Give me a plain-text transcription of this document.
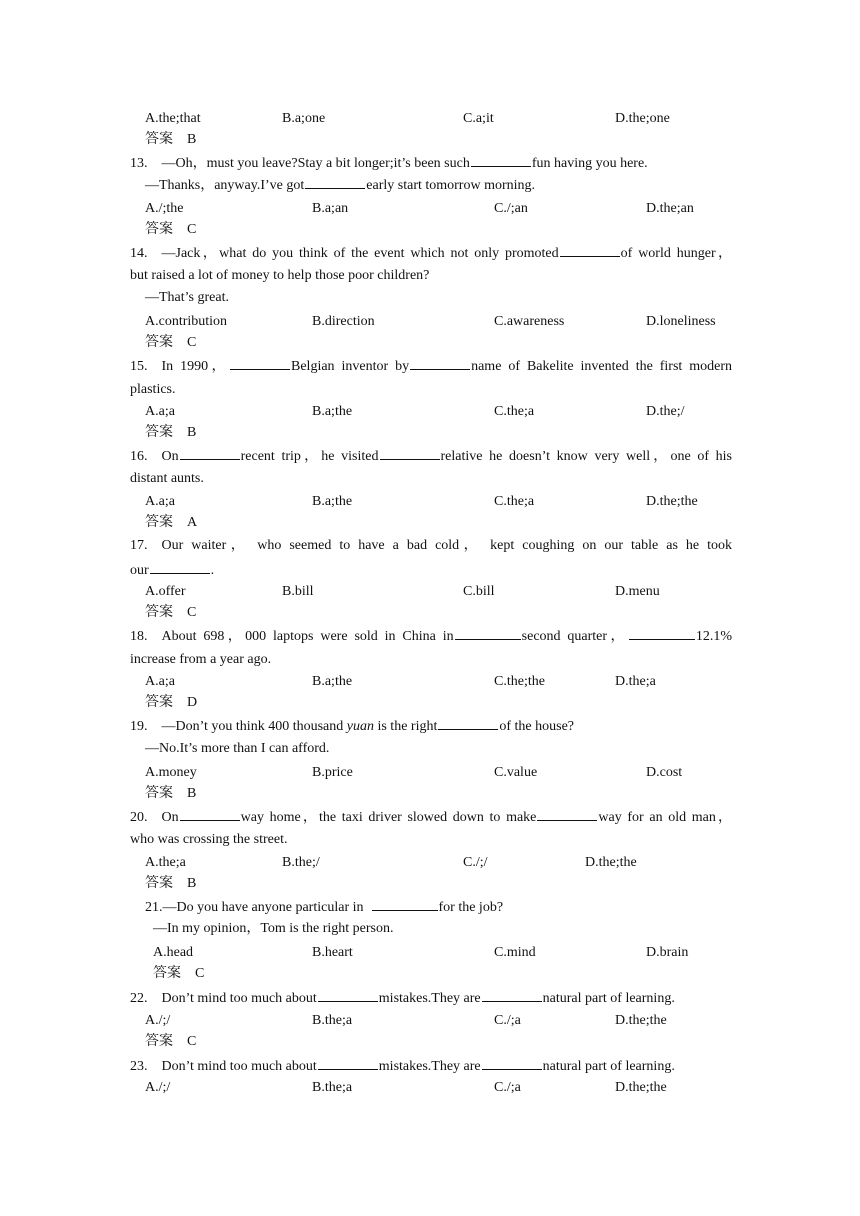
A.the;that	B.a;one	C.a;it	D.the;one
答案 B
13. —Oh，must you leave?Stay a bit longer;it’s been such	fun having you here.
—Thanks，anyway.I’ve got	early start tomorrow morning.
A./;the	B.a;an	C./;an	D.the;an
答案 C
14. —Jack，what do you think of the event which not only promoted	of world hunger，
but raised a lot of money to help those poor children?
—That’s great.
A.contribution	B.direction	C.awareness	D.loneliness
答案 C
15. In 1990，	Belgian inventor by	name of Bakelite invented the first modern
plastics.
A.a;a	B.a;the	C.the;a	D.the;/
答案 B
16. On	recent trip，he visited	relative he doesn’t know very well，one of his
distant aunts.
A.a;a	B.a;the	C.the;a	D.the;the
答案 A
17. Our waiter， who seemed to have a bad cold， kept coughing on our table as he took
our	.
A.offer	B.bill	C.bill	D.menu
答案 C
18. About 698，000 laptops were sold in China in	second quarter，	12.1%
increase from a year ago.
A.a;a	B.a;the	C.the;the	D.the;a
答案 D
19. —Don’t you think 400 thousand yuan is the right	of the house?
—No.It’s more than I can afford.
A.money	B.price	C.value	D.cost
答案 B
20. On	way home，the taxi driver slowed down to make	way for an old man，
who was crossing the street.
A.the;a	B.the;/	C./;/	D.the;the
答案 B
21.—Do you have anyone particular in	for the job?
—In my opinion，Tom is the right person.
A.head	B.heart	C.mind	D.brain
答案 C
22. Don’t mind too much about	mistakes.They are	natural part of learning.
A./;/	B.the;a	C./;a	D.the;the
答案 C
23. Don’t mind too much about	mistakes.They are	natural part of learning.
A./;/	B.the;a	C./;a	D.the;the
